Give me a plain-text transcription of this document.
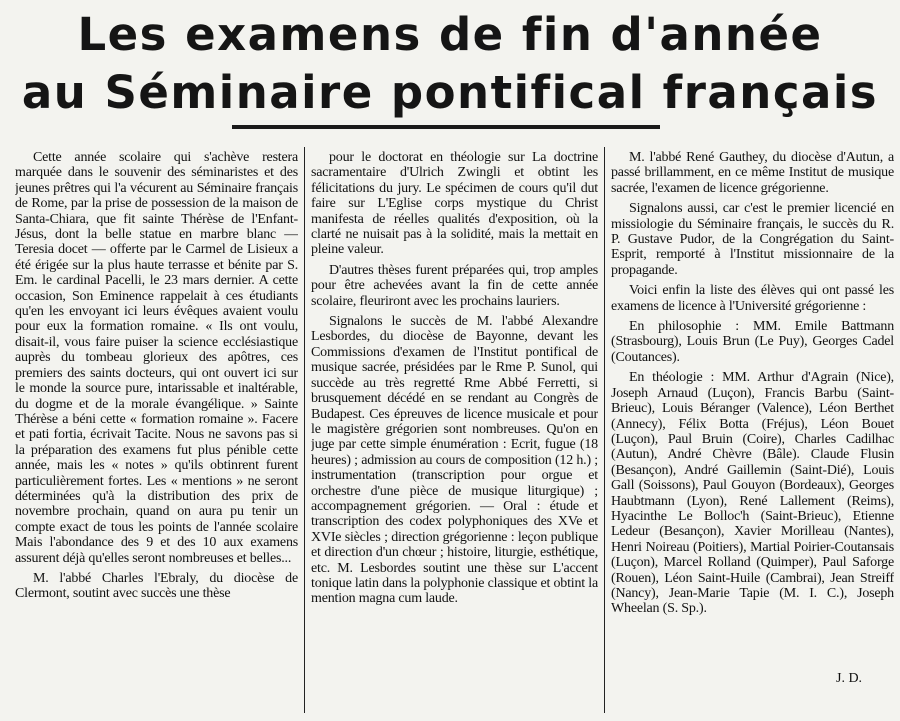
Les examens de fin d'année
au Séminaire pontifical français

Cette année scolaire qui s'achève restera marquée dans le souvenir des séminaristes et des jeunes prêtres qui l'a vécurent au Séminaire français de Rome, par la prise de possession de la maison de Santa-Chiara, que fit sainte Thérèse de l'Enfant-Jésus, dont la belle statue en marbre blanc — Teresia docet — offerte par le Carmel de Lisieux a été érigée sur la plus haute terrasse et bénite par S. Em. le cardinal Pacelli, le 23 mars dernier. A cette occasion, Son Eminence rappelait à ces étudiants qu'en les envoyant ici leurs évêques avaient voulu pour eux la formation romaine. « Ils ont voulu, disait-il, vous faire puiser la science ecclésiastique auprès du tombeau glorieux des apôtres, ces premiers des saints docteurs, qui ont ouvert ici sur le monde la source pure, intarissable et inaltérable, du dogme et de la morale évangélique. » Sainte Thérèse a béni cette « formation romaine ». Facere et pati fortia, écrivait Tacite. Nous ne savons pas si la préparation des examens fut plus pénible cette année, mais les « notes » qu'ils obtinrent furent particulièrement fortes. Les « mentions » ne seront déterminées qu'à la distribution des prix de novembre prochain, quand on aura pu tenir un compte exact de tous les points de l'année scolaire Mais l'abondance des 9 et des 10 aux examens assurent déjà qu'elles seront nombreuses et belles...

M. l'abbé Charles l'Ebraly, du diocèse de Clermont, soutint avec succès une thèse

pour le doctorat en théologie sur La doctrine sacramentaire d'Ulrich Zwingli et obtint les félicitations du jury. Le spécimen de cours qu'il dut faire sur L'Eglise corps mystique du Christ manifesta de réelles qualités d'exposition, où la clarté ne nuisait pas à la solidité, mais la mettait en pleine valeur.

D'autres thèses furent préparées qui, trop amples pour être achevées avant la fin de cette année scolaire, fleuriront avec les prochains lauriers.

Signalons le succès de M. l'abbé Alexandre Lesbordes, du diocèse de Bayonne, devant les Commissions d'examen de l'Institut pontifical de musique sacrée, présidées par le Rme P. Sunol, qui succède au très regretté Rme Abbé Ferretti, si brusquement décédé en se rendant au Congrès de Budapest. Ces épreuves de licence musicale et pour le magistère grégorien sont nombreuses. Qu'on en juge par cette simple énumération : Ecrit, fugue (18 heures) ; admission au cours de composition (12 h.) ; instrumentation (transcription pour orgue et orchestre d'une pièce de musique liturgique) ; accompagnement grégorien. — Oral : étude et transcription des codex polyphoniques des XVe et XVIe siècles ; direction grégorienne : leçon publique et direction d'un chœur ; histoire, liturgie, esthétique, etc. M. Lesbordes soutint une thèse sur L'accent tonique latin dans la polyphonie classique et obtint la mention magna cum laude.

M. l'abbé René Gauthey, du diocèse d'Autun, a passé brillamment, en ce même Institut de musique sacrée, l'examen de licence grégorienne.

Signalons aussi, car c'est le premier licencié en missiologie du Séminaire français, le succès du R. P. Gustave Pudor, de la Congrégation du Saint-Esprit, remporté à l'Institut missionnaire de la propagande.

Voici enfin la liste des élèves qui ont passé les examens de licence à l'Université grégorienne :

En philosophie : MM. Emile Battmann (Strasbourg), Louis Brun (Le Puy), Georges Cadel (Coutances).

En théologie : MM. Arthur d'Agrain (Nice), Joseph Arnaud (Luçon), Francis Barbu (Saint-Brieuc), Louis Béranger (Valence), Léon Berthet (Annecy), Félix Botta (Fréjus), Léon Bouet (Luçon), Paul Bruin (Coire), Charles Cadilhac (Autun), André Chèvre (Bâle). Claude Flusin (Besançon), André Gaillemin (Saint-Dié), Louis Gall (Soissons), Paul Gouyon (Bordeaux), Georges Haubtmann (Lyon), René Lallement (Reims), Hyacinthe Le Bolloc'h (Saint-Brieuc), Etienne Ledeur (Besançon), Xavier Morilleau (Nantes), Henri Noireau (Poitiers), Martial Poirier-Coutansais (Luçon), Marcel Rolland (Quimper), Paul Saforge (Rouen), Léon Saint-Huile (Cambrai), Jean Streiff (Nancy), Jean-Marie Tapie (M. I. C.), Joseph Wheelan (S. Sp.).

J. D.
